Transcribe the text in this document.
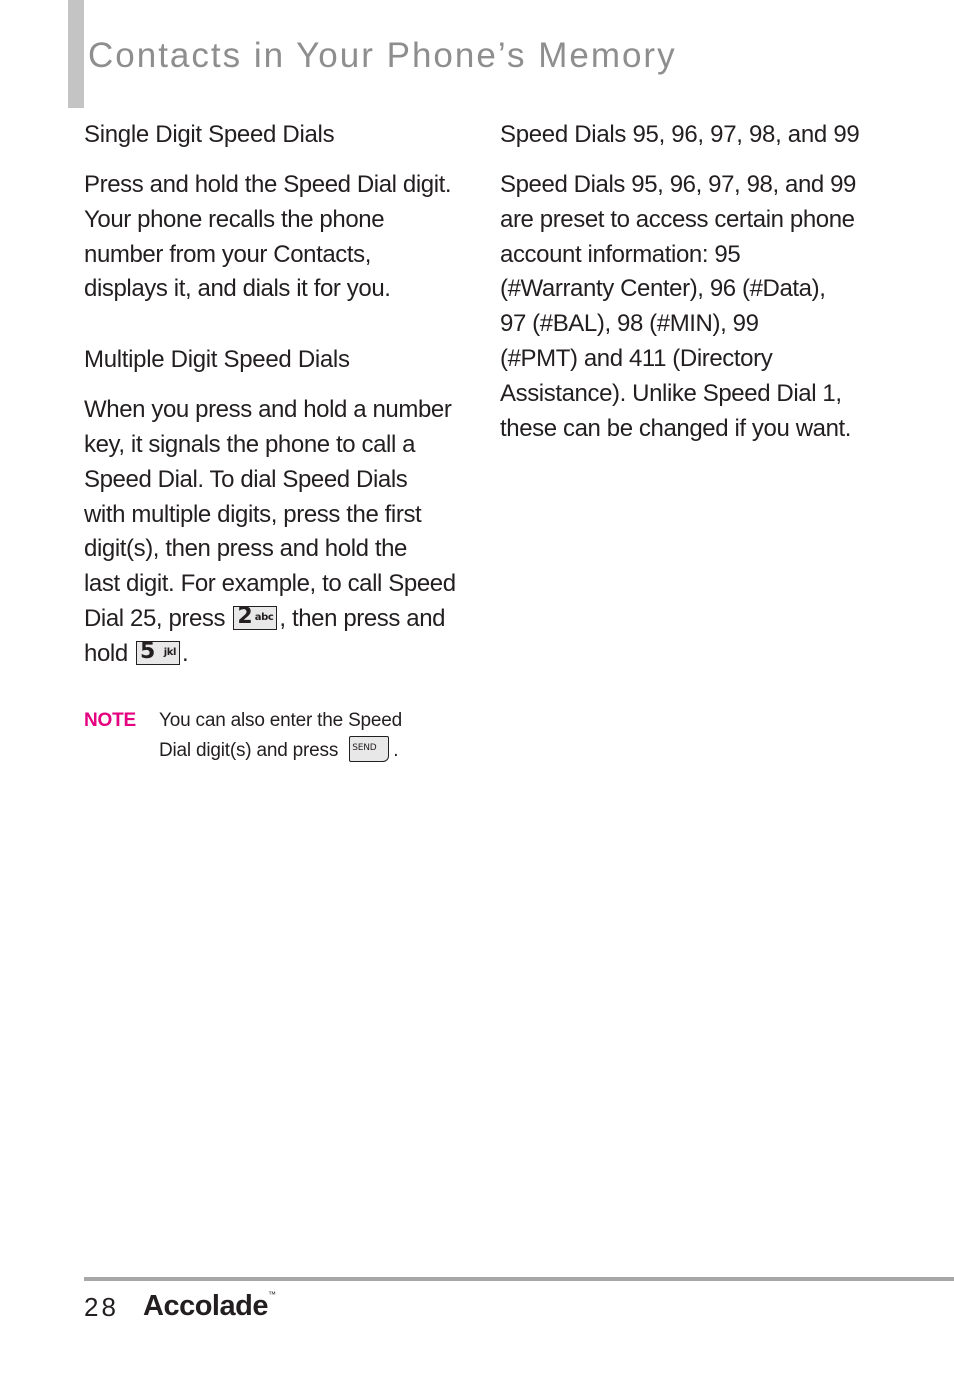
Contacts in Your Phone’s Memory
Single Digit Speed Dials

Press and hold the Speed Dial digit.
Your phone recalls the phone
number from your Contacts,
displays it, and dials it for you.

Multiple Digit Speed Dials

When you press and hold a number
key, it signals the phone to call a
Speed Dial. To dial Speed Dials
with multiple digits, press the first
digit(s), then press and hold the
last digit. For example, to call Speed
Dial 25, press 2 abc , then press and
hold 5 jkl .

NOTE You can also enter the Speed
Dial digit(s) and press SEND .
Speed Dials 95, 96, 97, 98, and 99

Speed Dials 95, 96, 97, 98, and 99
are preset to access certain phone
account information: 95
(#Warranty Center), 96 (#Data),
97 (#BAL), 98 (#MIN), 99
(#PMT) and 411 (Directory
Assistance). Unlike Speed Dial 1,
these can be changed if you want.

28 Accolade™
